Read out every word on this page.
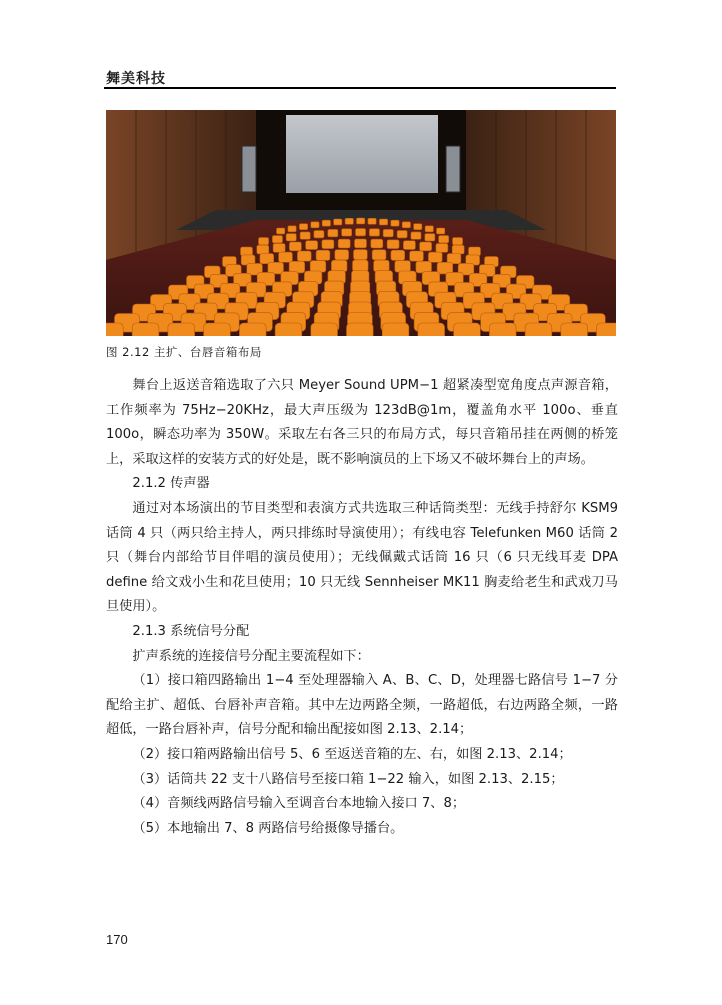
舞美科技
图 2.12 主扩、台唇音箱布局

舞台上返送音箱选取了六只 Meyer Sound UPM−1 超紧凑型宽角度点声源音箱，工作频率为 75Hz−20KHz，最大声压级为 123dB@1m，覆盖角水平 100o、垂直 100o，瞬态功率为 350W。采取左右各三只的布局方式，每只音箱吊挂在两侧的桥笼上，采取这样的安装方式的好处是，既不影响演员的上下场又不破坏舞台上的声场。

2.1.2 传声器

通过对本场演出的节目类型和表演方式共选取三种话筒类型：无线手持舒尔 KSM9 话筒 4 只（两只给主持人，两只排练时导演使用）；有线电容 Telefunken M60 话筒 2 只（舞台内部给节目伴唱的演员使用）；无线佩戴式话筒 16 只（6 只无线耳麦 DPA define 给文戏小生和花旦使用；10 只无线 Sennheiser MK11 胸麦给老生和武戏刀马旦使用）。

2.1.3 系统信号分配

扩声系统的连接信号分配主要流程如下：

（1）接口箱四路输出 1−4 至处理器输入 A、B、C、D，处理器七路信号 1−7 分配给主扩、超低、台唇补声音箱。其中左边两路全频，一路超低，右边两路全频，一路超低，一路台唇补声，信号分配和输出配接如图 2.13、2.14；

（2）接口箱两路输出信号 5、6 至返送音箱的左、右，如图 2.13、2.14；

（3）话筒共 22 支十八路信号至接口箱 1−22 输入，如图 2.13、2.15；

（4）音频线两路信号输入至调音台本地输入接口 7、8；

（5）本地输出 7、8 两路信号给摄像导播台。

170
